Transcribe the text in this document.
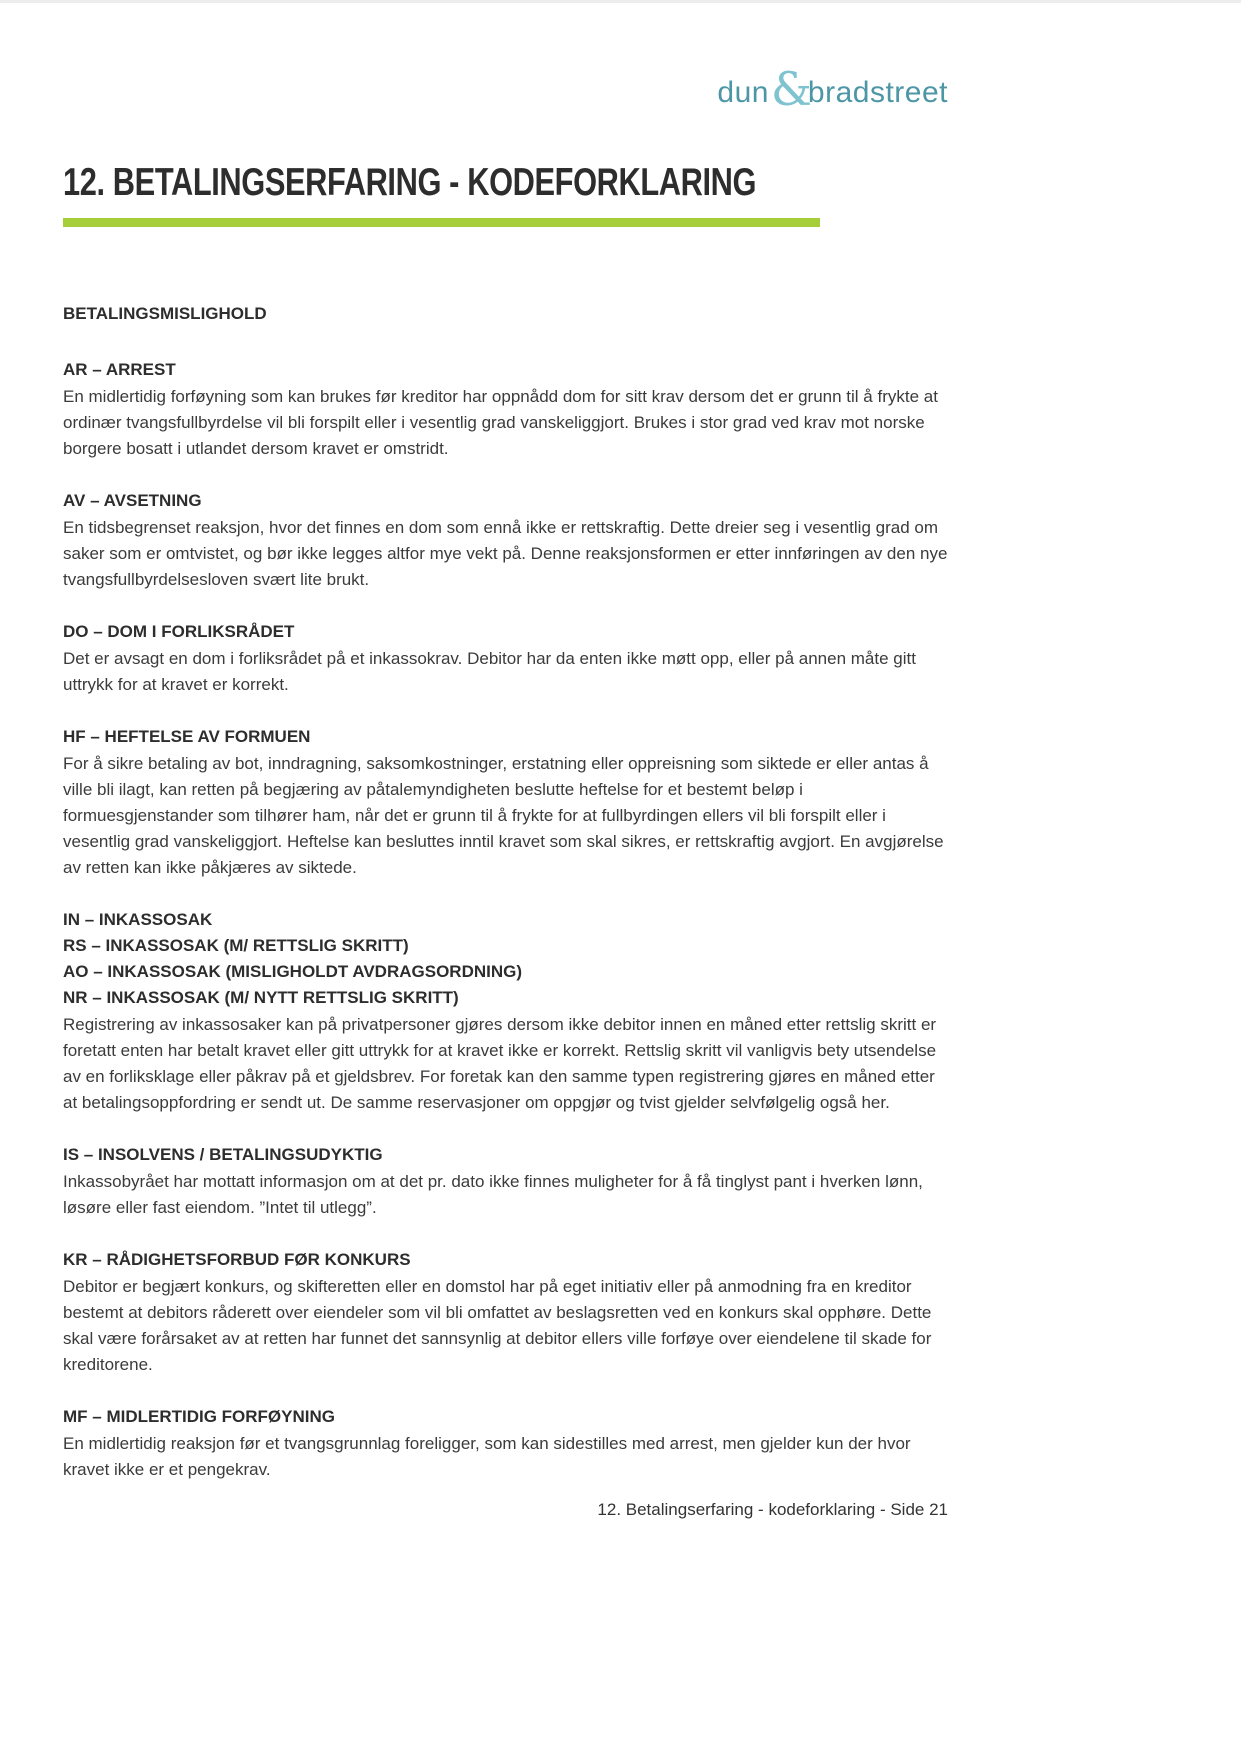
dun &
bradstreet
12. BETALINGSERFARING - KODEFORKLARING
BETALINGSMISLIGHOLD
AR – ARREST

En midlertidig forføyning som kan brukes før kreditor har oppnådd dom for sitt krav dersom det er grunn til å frykte at ordinær tvangsfullbyrdelse vil bli forspilt eller i vesentlig grad vanskeliggjort. Brukes i stor grad ved krav mot norske borgere bosatt i utlandet dersom kravet er omstridt.

AV – AVSETNING

En tidsbegrenset reaksjon, hvor det finnes en dom som ennå ikke er rettskraftig. Dette dreier seg i vesentlig grad om saker som er omtvistet, og bør ikke legges altfor mye vekt på. Denne reaksjonsformen er etter innføringen av den nye tvangsfullbyrdelsesloven svært lite brukt.

DO – DOM I FORLIKSRÅDET

Det er avsagt en dom i forliksrådet på et inkassokrav. Debitor har da enten ikke møtt opp, eller på annen måte gitt uttrykk for at kravet er korrekt.

HF – HEFTELSE AV FORMUEN

For å sikre betaling av bot, inndragning, saksomkostninger, erstatning eller oppreisning som siktede er eller antas å ville bli ilagt, kan retten på begjæring av påtalemyndigheten beslutte heftelse for et bestemt beløp i formuesgjenstander som tilhører ham, når det er grunn til å frykte for at fullbyrdingen ellers vil bli forspilt eller i vesentlig grad vanskeliggjort. Heftelse kan besluttes inntil kravet som skal sikres, er rettskraftig avgjort. En avgjørelse av retten kan ikke påkjæres av siktede.

IN – INKASSOSAK
RS – INKASSOSAK (M/ RETTSLIG SKRITT)
AO – INKASSOSAK (MISLIGHOLDT AVDRAGSORDNING)
NR – INKASSOSAK (M/ NYTT RETTSLIG SKRITT)

Registrering av inkassosaker kan på privatpersoner gjøres dersom ikke debitor innen en måned etter rettslig skritt er foretatt enten har betalt kravet eller gitt uttrykk for at kravet ikke er korrekt. Rettslig skritt vil vanligvis bety utsendelse av en forliksklage eller påkrav på et gjeldsbrev. For foretak kan den samme typen registrering gjøres en måned etter at betalingsoppfordring er sendt ut. De samme reservasjoner om oppgjør og tvist gjelder selvfølgelig også her.

IS – INSOLVENS / BETALINGSUDYKTIG

Inkassobyrået har mottatt informasjon om at det pr. dato ikke finnes muligheter for å få tinglyst pant i hverken lønn, løsøre eller fast eiendom. ”Intet til utlegg”.

KR – RÅDIGHETSFORBUD FØR KONKURS

Debitor er begjært konkurs, og skifteretten eller en domstol har på eget initiativ eller på anmodning fra en kreditor bestemt at debitors råderett over eiendeler som vil bli omfattet av beslagsretten ved en konkurs skal opphøre. Dette skal være forårsaket av at retten har funnet det sannsynlig at debitor ellers ville forføye over eiendelene til skade for kreditorene.

MF – MIDLERTIDIG FORFØYNING

En midlertidig reaksjon før et tvangsgrunnlag foreligger, som kan sidestilles med arrest, men gjelder kun der hvor kravet ikke er et pengekrav.

12. Betalingserfaring - kodeforklaring - Side 21
